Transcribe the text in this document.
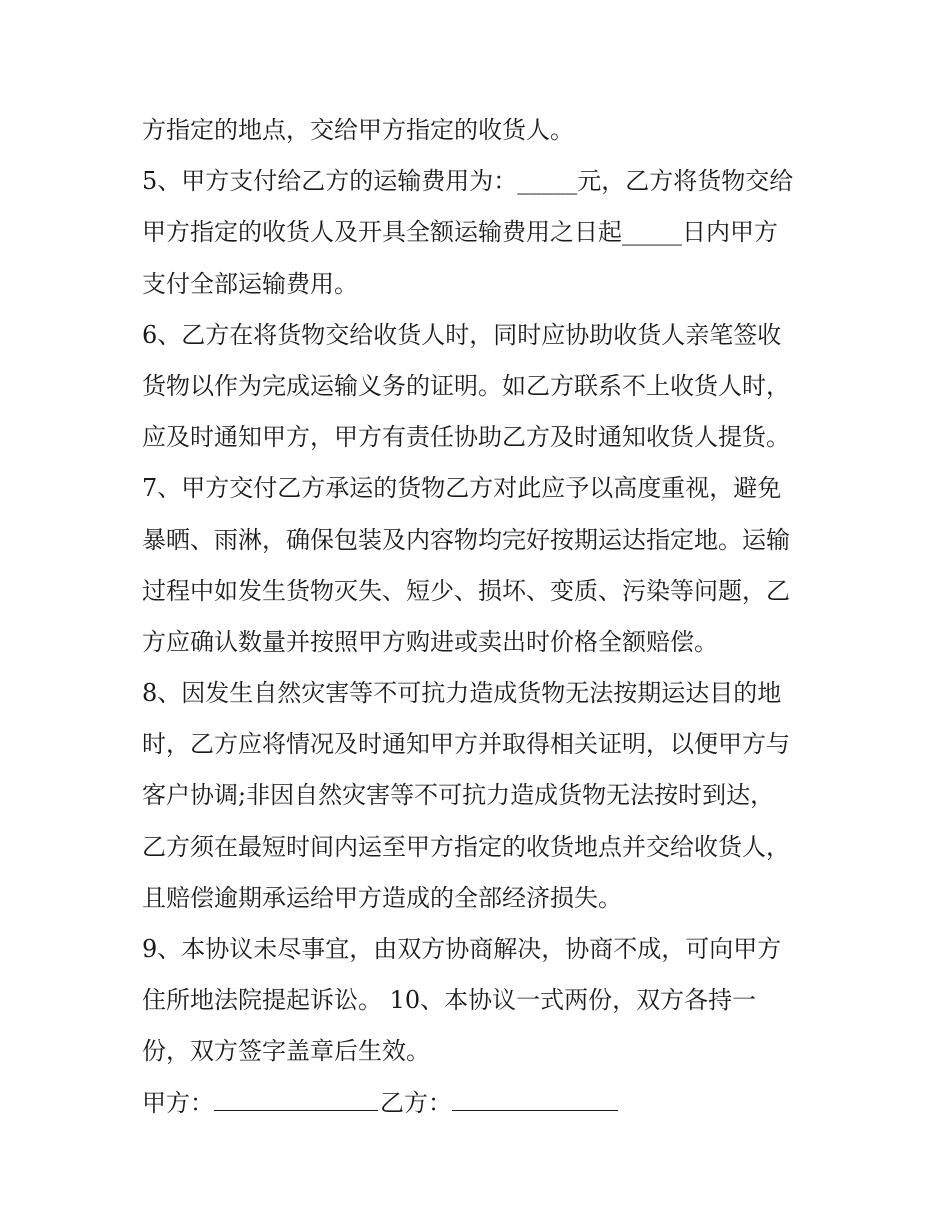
方指定的地点，交给甲方指定的收货人。
5、甲方支付给乙方的运输费用为：_____元，乙方将货物交给
甲方指定的收货人及开具全额运输费用之日起_____日内甲方
支付全部运输费用。
6、乙方在将货物交给收货人时，同时应协助收货人亲笔签收
货物以作为完成运输义务的证明。如乙方联系不上收货人时，
应及时通知甲方，甲方有责任协助乙方及时通知收货人提货。
7、甲方交付乙方承运的货物乙方对此应予以高度重视，避免
暴晒、雨淋，确保包装及内容物均完好按期运达指定地。运输
过程中如发生货物灭失、短少、损坏、变质、污染等问题，乙
方应确认数量并按照甲方购进或卖出时价格全额赔偿。
8、因发生自然灾害等不可抗力造成货物无法按期运达目的地
时，乙方应将情况及时通知甲方并取得相关证明，以便甲方与
客户协调;非因自然灾害等不可抗力造成货物无法按时到达，
乙方须在最短时间内运至甲方指定的收货地点并交给收货人，
且赔偿逾期承运给甲方造成的全部经济损失。
9、本协议未尽事宜，由双方协商解决，协商不成，可向甲方
住所地法院提起诉讼。 10、本协议一式两份，双方各持一
份，双方签字盖章后生效。
甲方：	乙方：
